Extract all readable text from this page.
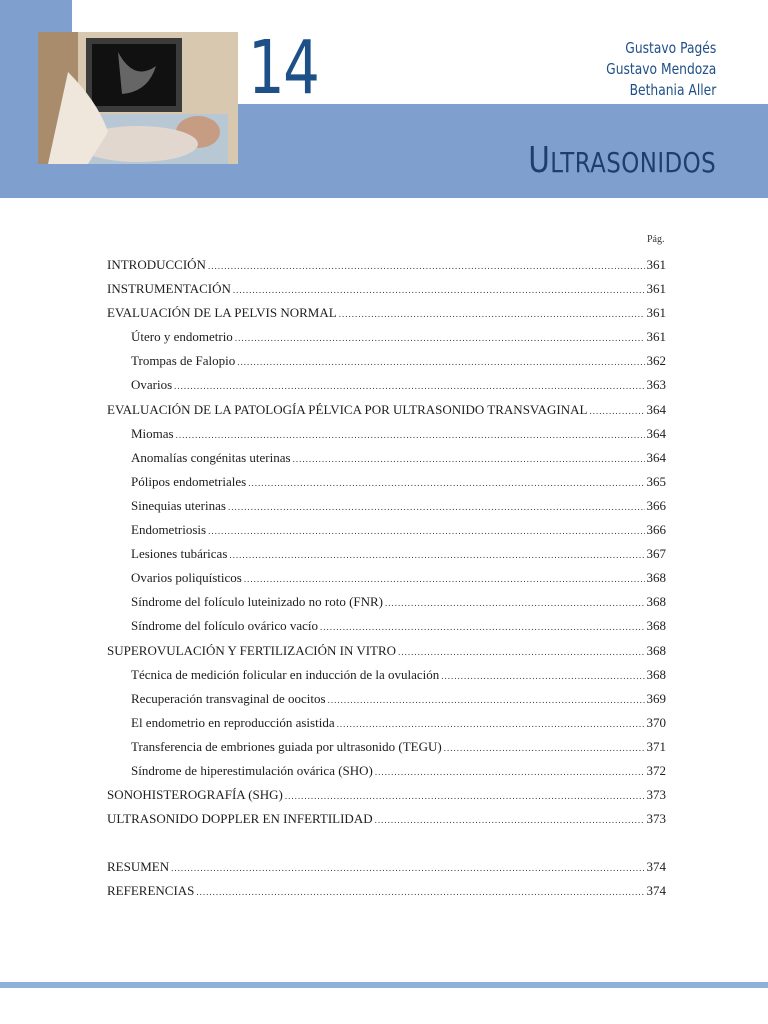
14	Gustavo Pagés
Gustavo Mendoza
Bethania Aller
ULTRASONIDOS
Pág.
INTRODUCCIÓN .....	361
INSTRUMENTACIÓN .....	361
EVALUACIÓN DE LA PELVIS NORMAL .....	361
Útero y endometrio .....	361
Trompas de Falopio .....	362
Ovarios .....	363
EVALUACIÓN DE LA PATOLOGÍA PÉLVICA POR ULTRASONIDO TRANSVAGINAL .....	364
Miomas .....	364
Anomalías congénitas uterinas .....	364
Pólipos endometriales .....	365
Sinequias uterinas .....	366
Endometriosis .....	366
Lesiones tubáricas .....	367
Ovarios poliquísticos .....	368
Síndrome del folículo luteinizado no roto (FNR) .....	368
Síndrome del folículo ovárico vacío .....	368
SUPEROVULACIÓN Y FERTILIZACIÓN IN VITRO .....	368
Técnica de medición folicular en inducción de la ovulación .....	368
Recuperación transvaginal de oocitos .....	369
El endometrio en reproducción asistida .....	370
Transferencia de embriones guiada por ultrasonido (TEGU) .....	371
Síndrome de hiperestimulación ovárica (SHO) .....	372
SONOHISTEROGRAFÍA (SHG) .....	373
ULTRASONIDO DOPPLER EN INFERTILIDAD .....	373
RESUMEN .....	374
REFERENCIAS .....	374
